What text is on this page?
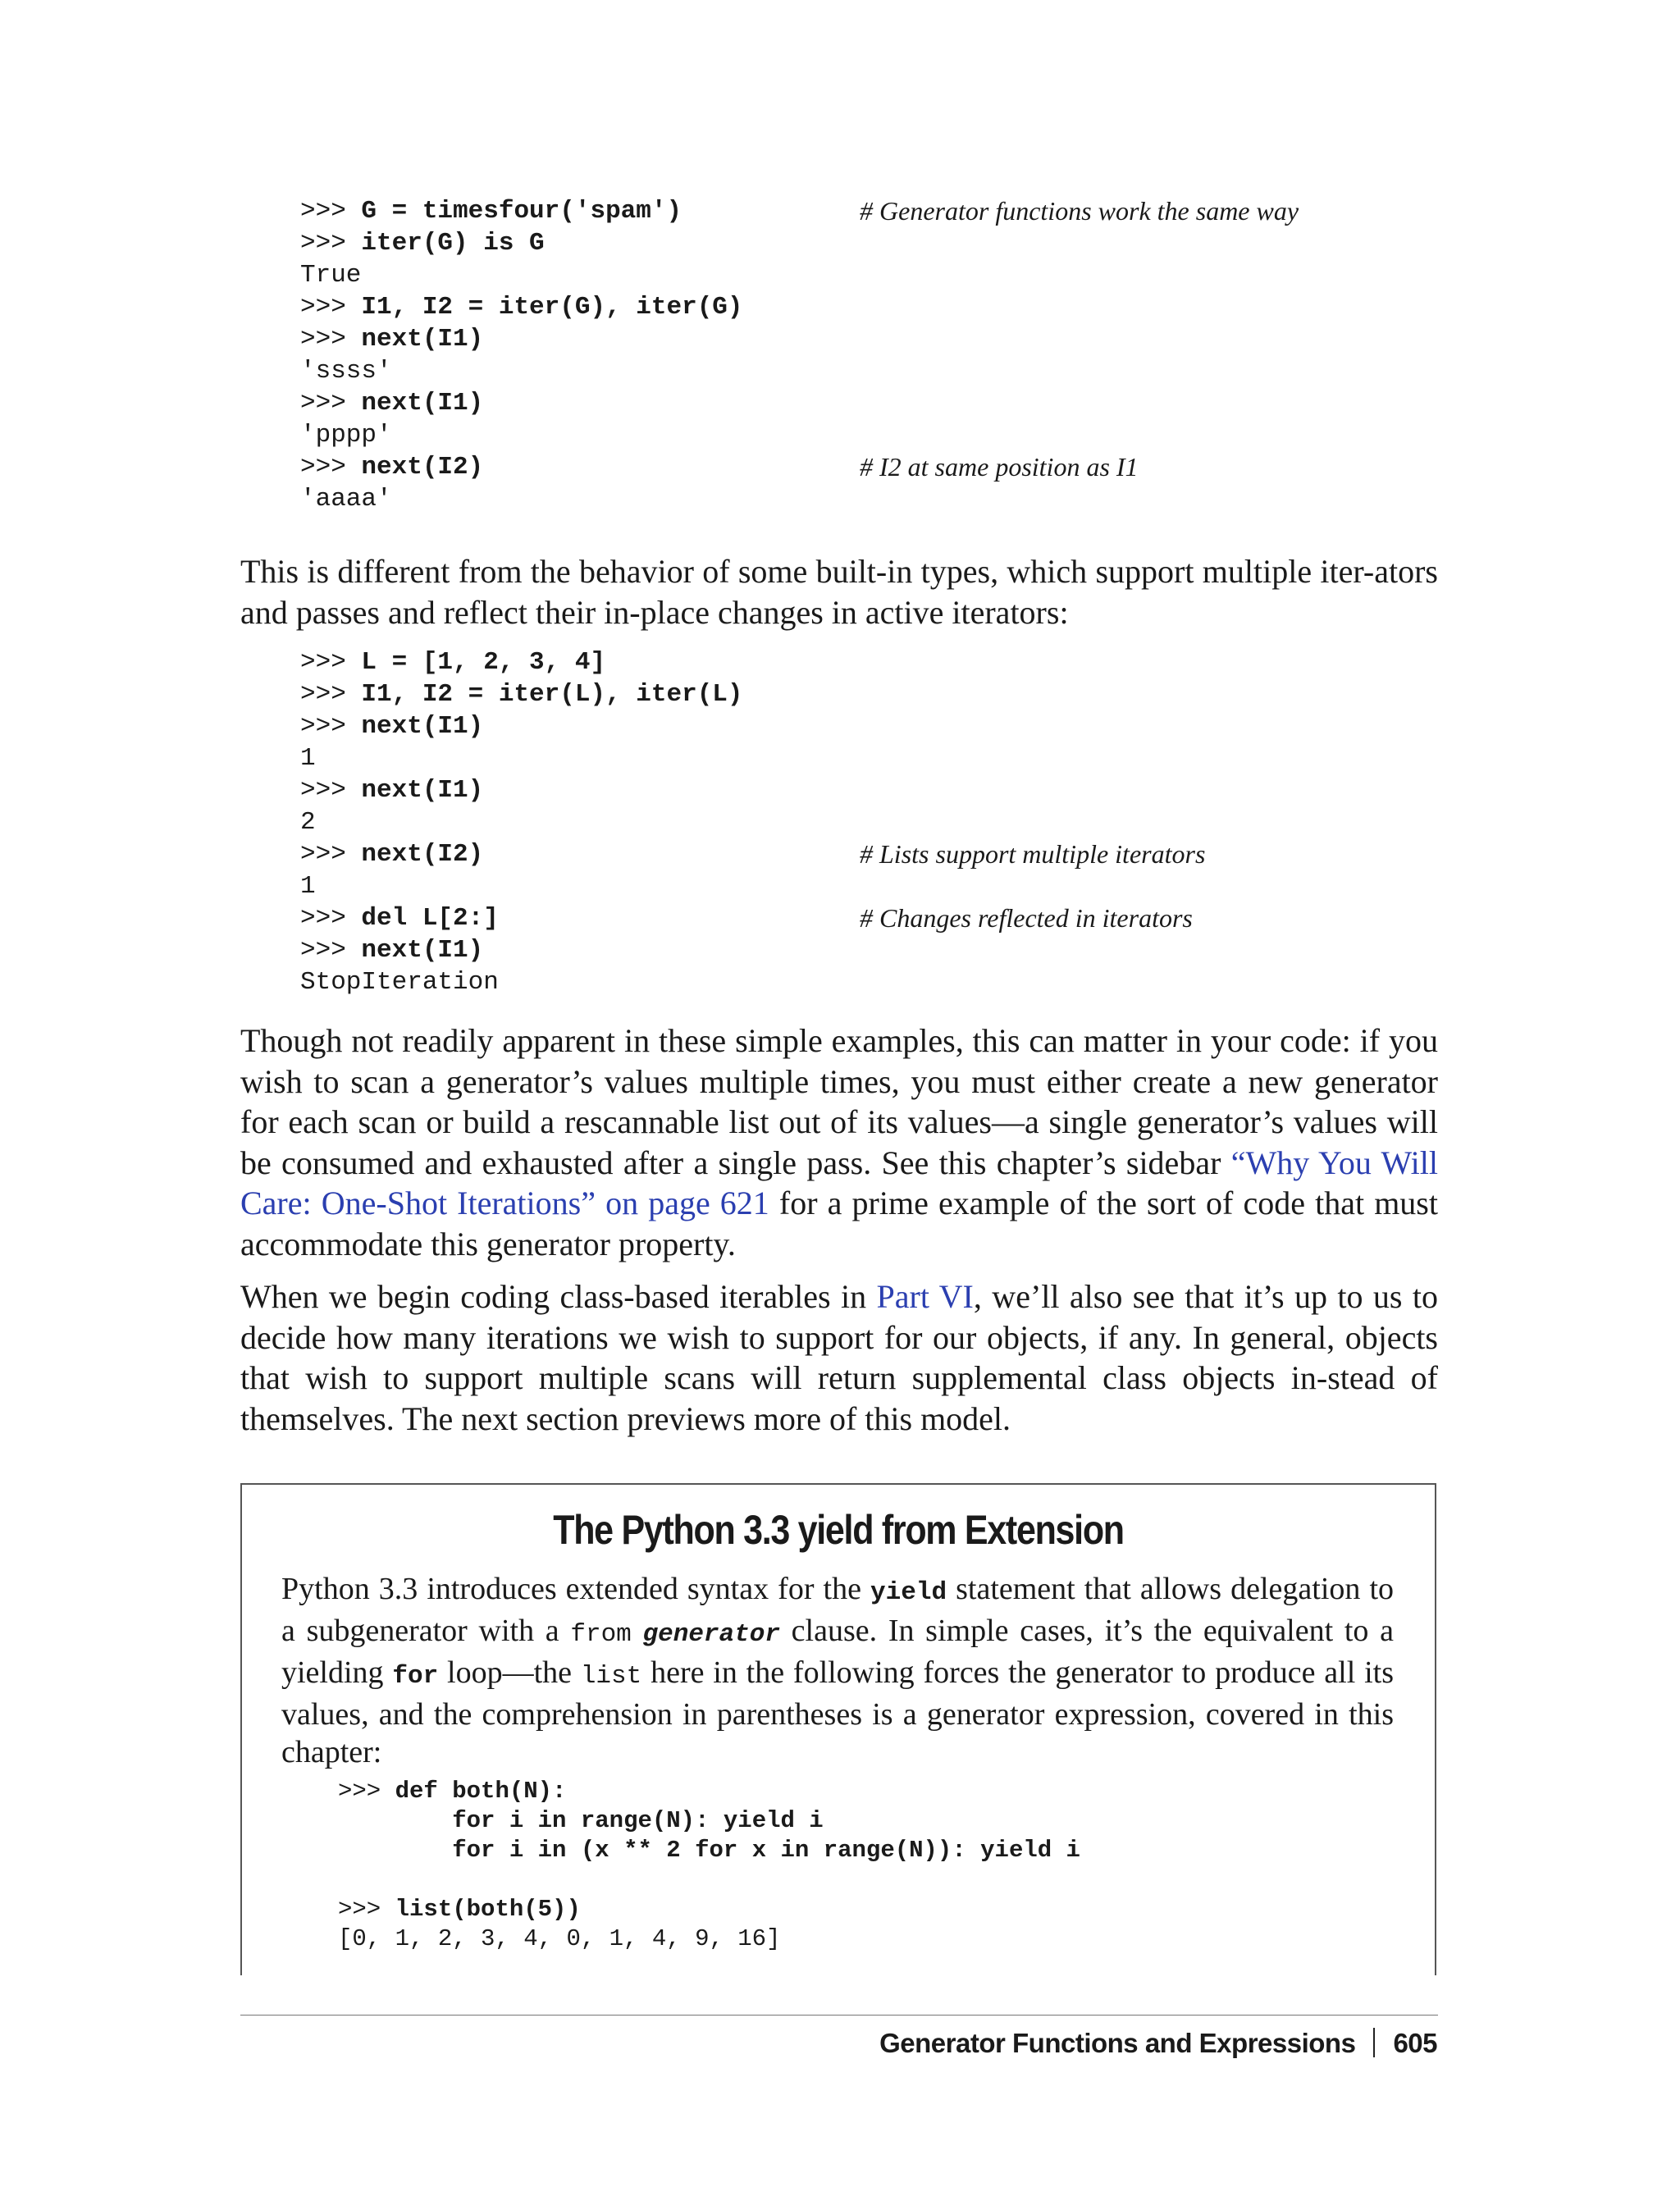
>>> G = timesfour('spam')	# Generator functions work the same way
>>> iter(G) is G
True
>>> I1, I2 = iter(G), iter(G)
>>> next(I1)
'ssss'
>>> next(I1)
'pppp'
>>> next(I2)	# I2 at same position as I1
'aaaa'

This is different from the behavior of some built-in types, which support multiple iter-ators and passes and reflect their in-place changes in active iterators:

>>> L = [1, 2, 3, 4]
>>> I1, I2 = iter(L), iter(L)
>>> next(I1)
1
>>> next(I1)
2
>>> next(I2)	# Lists support multiple iterators
1
>>> del L[2:]	# Changes reflected in iterators
>>> next(I1)
StopIteration

Though not readily apparent in these simple examples, this can matter in your code: if you wish to scan a generator’s values multiple times, you must either create a new generator for each scan or build a rescannable list out of its values—a single generator’s values will be consumed and exhausted after a single pass. See this chapter’s sidebar “Why You Will Care: One-Shot Iterations” on page 621 for a prime example of the sort of code that must accommodate this generator property.

When we begin coding class-based iterables in Part VI, we’ll also see that it’s up to us to decide how many iterations we wish to support for our objects, if any. In general, objects that wish to support multiple scans will return supplemental class objects in-stead of themselves. The next section previews more of this model.

The Python 3.3 yield from Extension

Python 3.3 introduces extended syntax for the yield statement that allows delegation to a subgenerator with a from generator clause. In simple cases, it’s the equivalent to a yielding for loop—the list here in the following forces the generator to produce all its values, and the comprehension in parentheses is a generator expression, covered in this chapter:

>>> def both(N):
for i in range(N): yield i
for i in (x ** 2 for x in range(N)): yield i
>>> list(both(5))
[0, 1, 2, 3, 4, 0, 1, 4, 9, 16]
Generator Functions and Expressions 605
